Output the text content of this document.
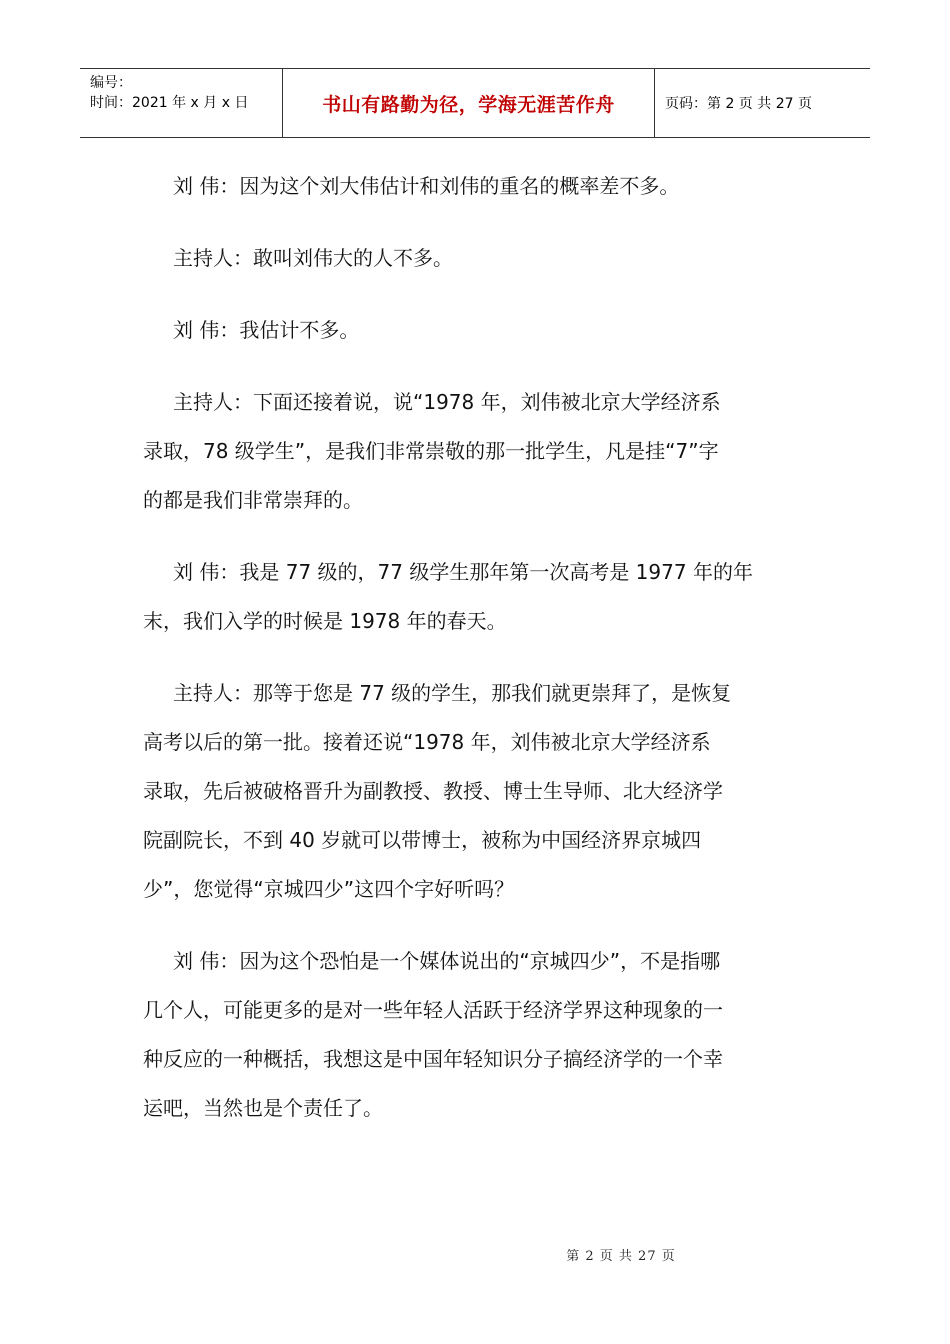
编号：
时间：2021 年 x 月 x 日	书山有路勤为径，学海无涯苦作舟	页码：第 2 页 共 27 页

刘 伟：因为这个刘大伟估计和刘伟的重名的概率差不多。

主持人：敢叫刘伟大的人不多。

刘 伟：我估计不多。

主持人：下面还接着说，说“1978 年，刘伟被北京大学经济系
录取，78 级学生”，是我们非常崇敬的那一批学生，凡是挂“7”字
的都是我们非常崇拜的。

刘 伟：我是 77 级的，77 级学生那年第一次高考是 1977 年的年
末，我们入学的时候是 1978 年的春天。

主持人：那等于您是 77 级的学生，那我们就更崇拜了，是恢复
高考以后的第一批。接着还说“1978 年，刘伟被北京大学经济系
录取，先后被破格晋升为副教授、教授、博士生导师、北大经济学
院副院长，不到 40 岁就可以带博士，被称为中国经济界京城四
少”，您觉得“京城四少”这四个字好听吗？

刘 伟：因为这个恐怕是一个媒体说出的“京城四少”，不是指哪
几个人，可能更多的是对一些年轻人活跃于经济学界这种现象的一
种反应的一种概括，我想这是中国年轻知识分子搞经济学的一个幸
运吧，当然也是个责任了。

第 2 页 共 27 页
